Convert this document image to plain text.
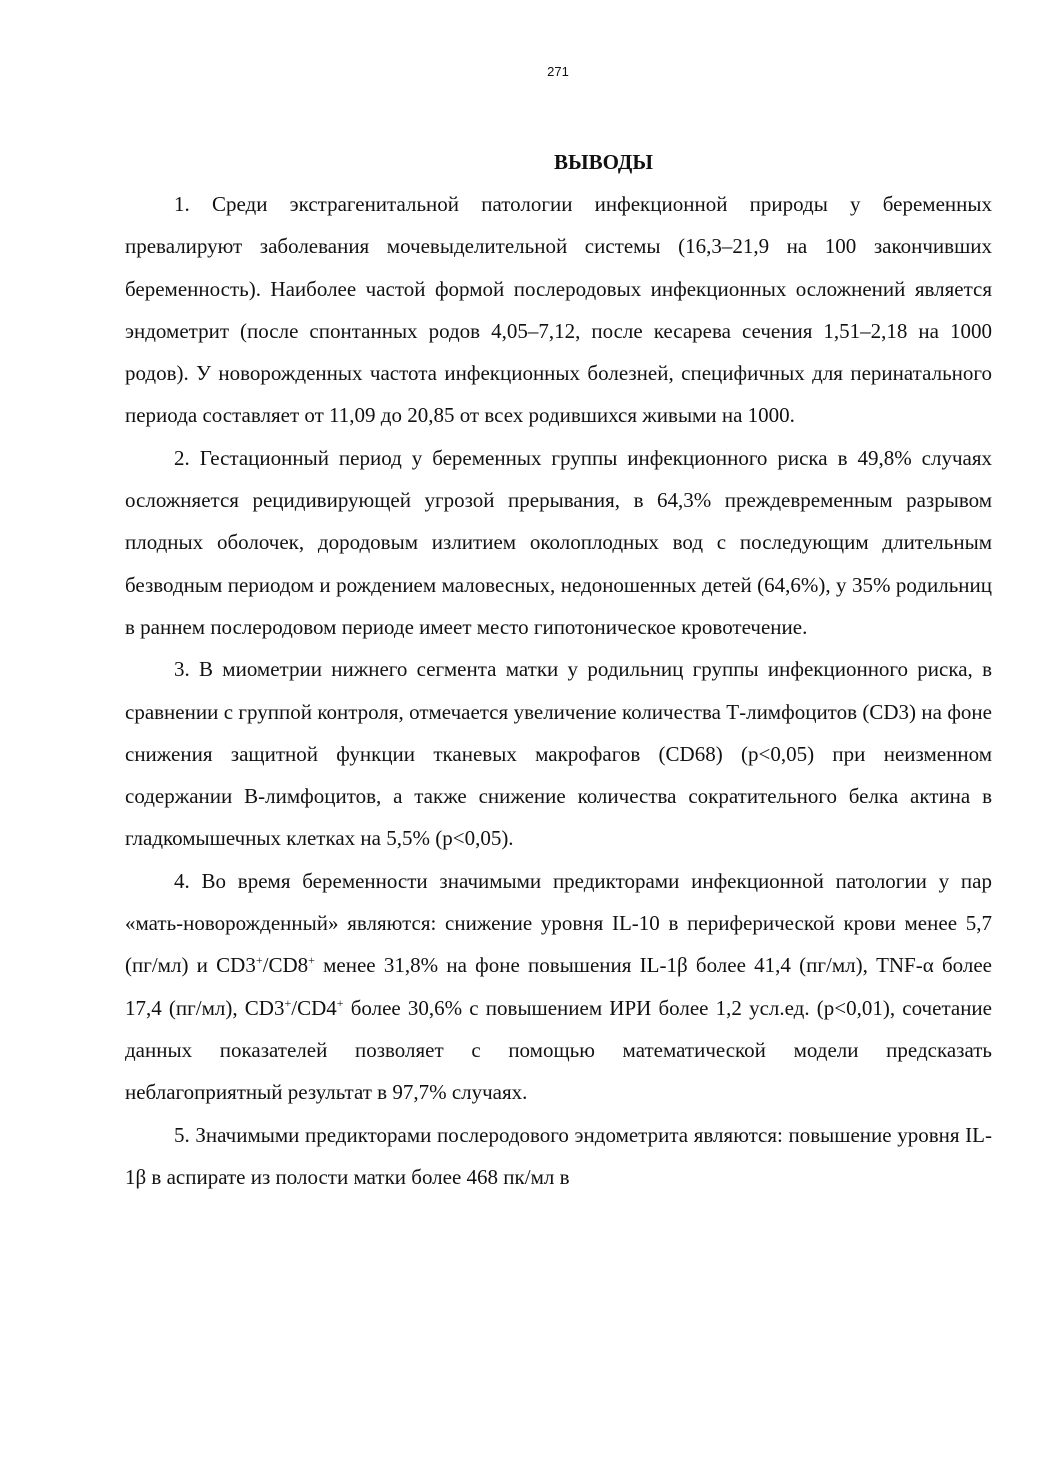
271
ВЫВОДЫ

1. Среди экстрагенитальной патологии инфекционной природы у беременных превалируют заболевания мочевыделительной системы (16,3–21,9 на 100 закончивших беременность). Наиболее частой формой послеродовых инфекционных осложнений является эндометрит (после спонтанных родов 4,05–7,12, после кесарева сечения 1,51–2,18 на 1000 родов). У новорожденных частота инфекционных болезней, специфичных для перинатального периода составляет от 11,09 до 20,85 от всех родившихся живыми на 1000.

2. Гестационный период у беременных группы инфекционного риска в 49,8% случаях осложняется рецидивирующей угрозой прерывания, в 64,3% преждевременным разрывом плодных оболочек, дородовым излитием околоплодных вод с последующим длительным безводным периодом и рождением маловесных, недоношенных детей (64,6%), у 35% родильниц в раннем послеродовом периоде имеет место гипотоническое кровотечение.

3. В миометрии нижнего сегмента матки у родильниц группы инфекционного риска, в сравнении с группой контроля, отмечается увеличение количества Т-лимфоцитов (CD3) на фоне снижения защитной функции тканевых макрофагов (CD68) (р<0,05) при неизменном содержании В-лимфоцитов, а также снижение количества сократительного белка актина в гладкомышечных клетках на 5,5% (р<0,05).

4. Во время беременности значимыми предикторами инфекционной патологии у пар «мать-новорожденный» являются: снижение уровня IL-10 в периферической крови менее 5,7 (пг/мл) и CD3+/CD8+ менее 31,8% на фоне повышения IL-1β более 41,4 (пг/мл), TNF-α более 17,4 (пг/мл), CD3+/CD4+ более 30,6% с повышением ИРИ более 1,2 усл.ед. (р<0,01), сочетание данных показателей позволяет с помощью математической модели предсказать неблагоприятный результат в 97,7% случаях.

5. Значимыми предикторами послеродового эндометрита являются: повышение уровня IL-1β в аспирате из полости матки более 468 пк/мл в
